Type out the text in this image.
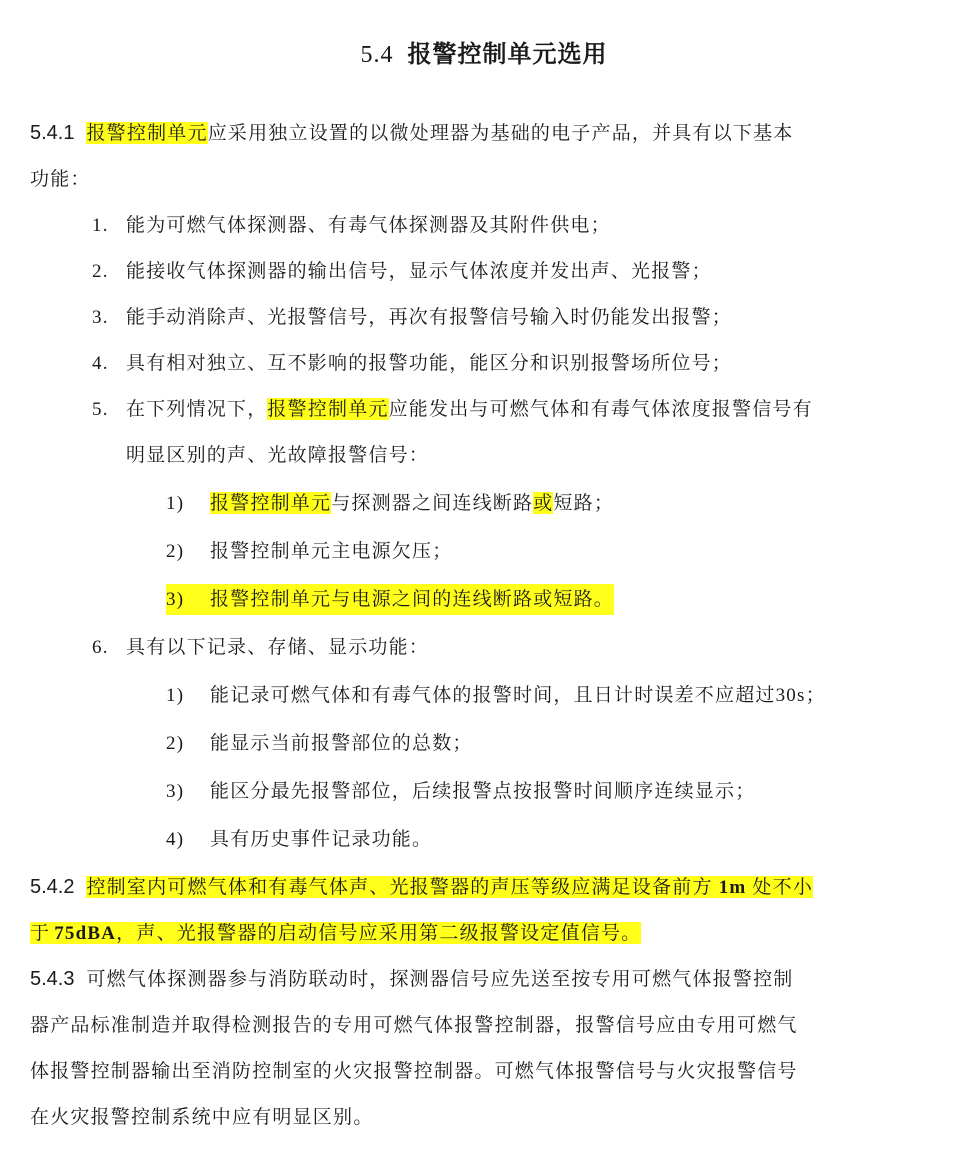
5.4 报警控制单元选用
5.4.1 报警控制单元应采用独立设置的以微处理器为基础的电子产品，并具有以下基本
功能：
1. 能为可燃气体探测器、有毒气体探测器及其附件供电；
2. 能接收气体探测器的输出信号，显示气体浓度并发出声、光报警；
3. 能手动消除声、光报警信号，再次有报警信号输入时仍能发出报警；
4. 具有相对独立、互不影响的报警功能，能区分和识别报警场所位号；
5. 在下列情况下，报警控制单元应能发出与可燃气体和有毒气体浓度报警信号有
明显区别的声、光故障报警信号：
1) 报警控制单元与探测器之间连线断路或短路；
2) 报警控制单元主电源欠压；
3) 报警控制单元与电源之间的连线断路或短路。
6. 具有以下记录、存储、显示功能：
1) 能记录可燃气体和有毒气体的报警时间，且日计时误差不应超过30s；
2) 能显示当前报警部位的总数；
3) 能区分最先报警部位，后续报警点按报警时间顺序连续显示；
4) 具有历史事件记录功能。
5.4.2 控制室内可燃气体和有毒气体声、光报警器的声压等级应满足设备前方 1m 处不小
于 75dBA，声、光报警器的启动信号应采用第二级报警设定值信号。
5.4.3 可燃气体探测器参与消防联动时，探测器信号应先送至按专用可燃气体报警控制
器产品标准制造并取得检测报告的专用可燃气体报警控制器，报警信号应由专用可燃气
体报警控制器输出至消防控制室的火灾报警控制器。可燃气体报警信号与火灾报警信号
在火灾报警控制系统中应有明显区别。
